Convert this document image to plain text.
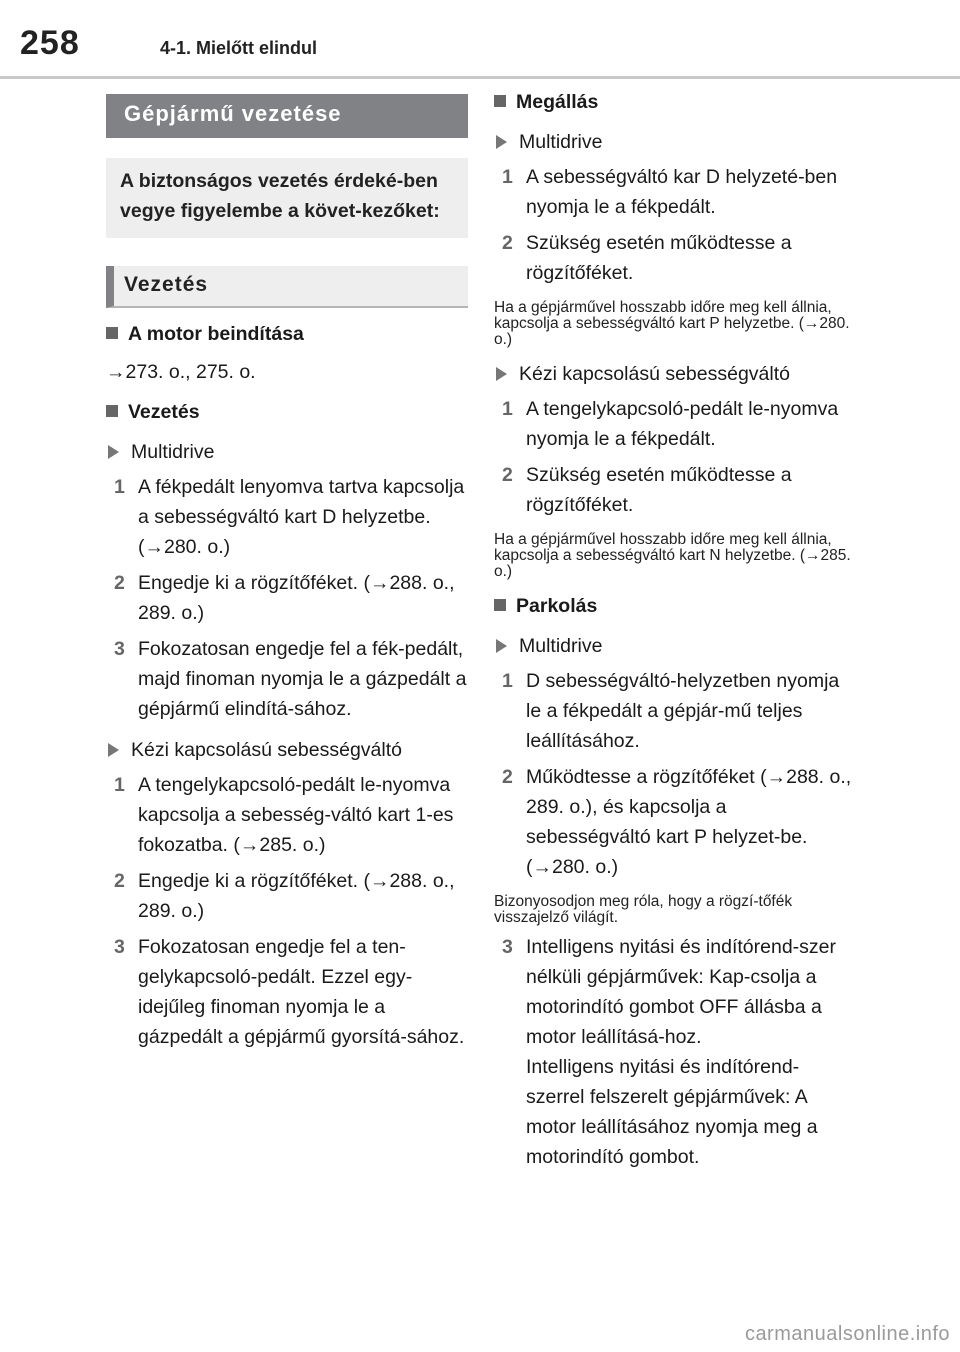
258	4-1. Mielőtt elindul
Gépjármű vezetése
A biztonságos vezetés érdeké-ben vegye figyelembe a követ-kezőket:
Vezetés
A motor beindítása
→273. o., 275. o.
Vezetés
Multidrive
1 A fékpedált lenyomva tartva kapcsolja a sebességváltó kart D helyzetbe. (→280. o.)
2 Engedje ki a rögzítőféket. (→288. o., 289. o.)
3 Fokozatosan engedje fel a fék-pedált, majd finoman nyomja le a gázpedált a gépjármű elindítá-sához.
Kézi kapcsolású sebességváltó
1 A tengelykapcsoló-pedált le-nyomva kapcsolja a sebesség-váltó kart 1-es fokozatba. (→285. o.)
2 Engedje ki a rögzítőféket. (→288. o., 289. o.)
3 Fokozatosan engedje fel a ten-gelykapcsoló-pedált. Ezzel egy-idejűleg finoman nyomja le a gázpedált a gépjármű gyorsítá-sához.
Megállás
Multidrive
1 A sebességváltó kar D helyzeté-ben nyomja le a fékpedált.
2 Szükség esetén működtesse a rögzítőféket.
Ha a gépjárművel hosszabb időre meg kell állnia, kapcsolja a sebességváltó kart P helyzetbe. (→280. o.)
Kézi kapcsolású sebességváltó
1 A tengelykapcsoló-pedált le-nyomva nyomja le a fékpedált.
2 Szükség esetén működtesse a rögzítőféket.
Ha a gépjárművel hosszabb időre meg kell állnia, kapcsolja a sebességváltó kart N helyzetbe. (→285. o.)
Parkolás
Multidrive
1 D sebességváltó-helyzetben nyomja le a fékpedált a gépjár-mű teljes leállításához.
2 Működtesse a rögzítőféket (→288. o., 289. o.), és kapcsolja a sebességváltó kart P helyzet-be. (→280. o.)
Bizonyosodjon meg róla, hogy a rögzí-tőfék visszajelző világít.
3 Intelligens nyitási és indítórend-szer nélküli gépjárművek: Kap-csolja a motorindító gombot OFF állásba a motor leállításá-hoz.
Intelligens nyitási és indítórend-szerrel felszerelt gépjárművek: A motor leállításához nyomja meg a motorindító gombot.
carmanualsonline.info
